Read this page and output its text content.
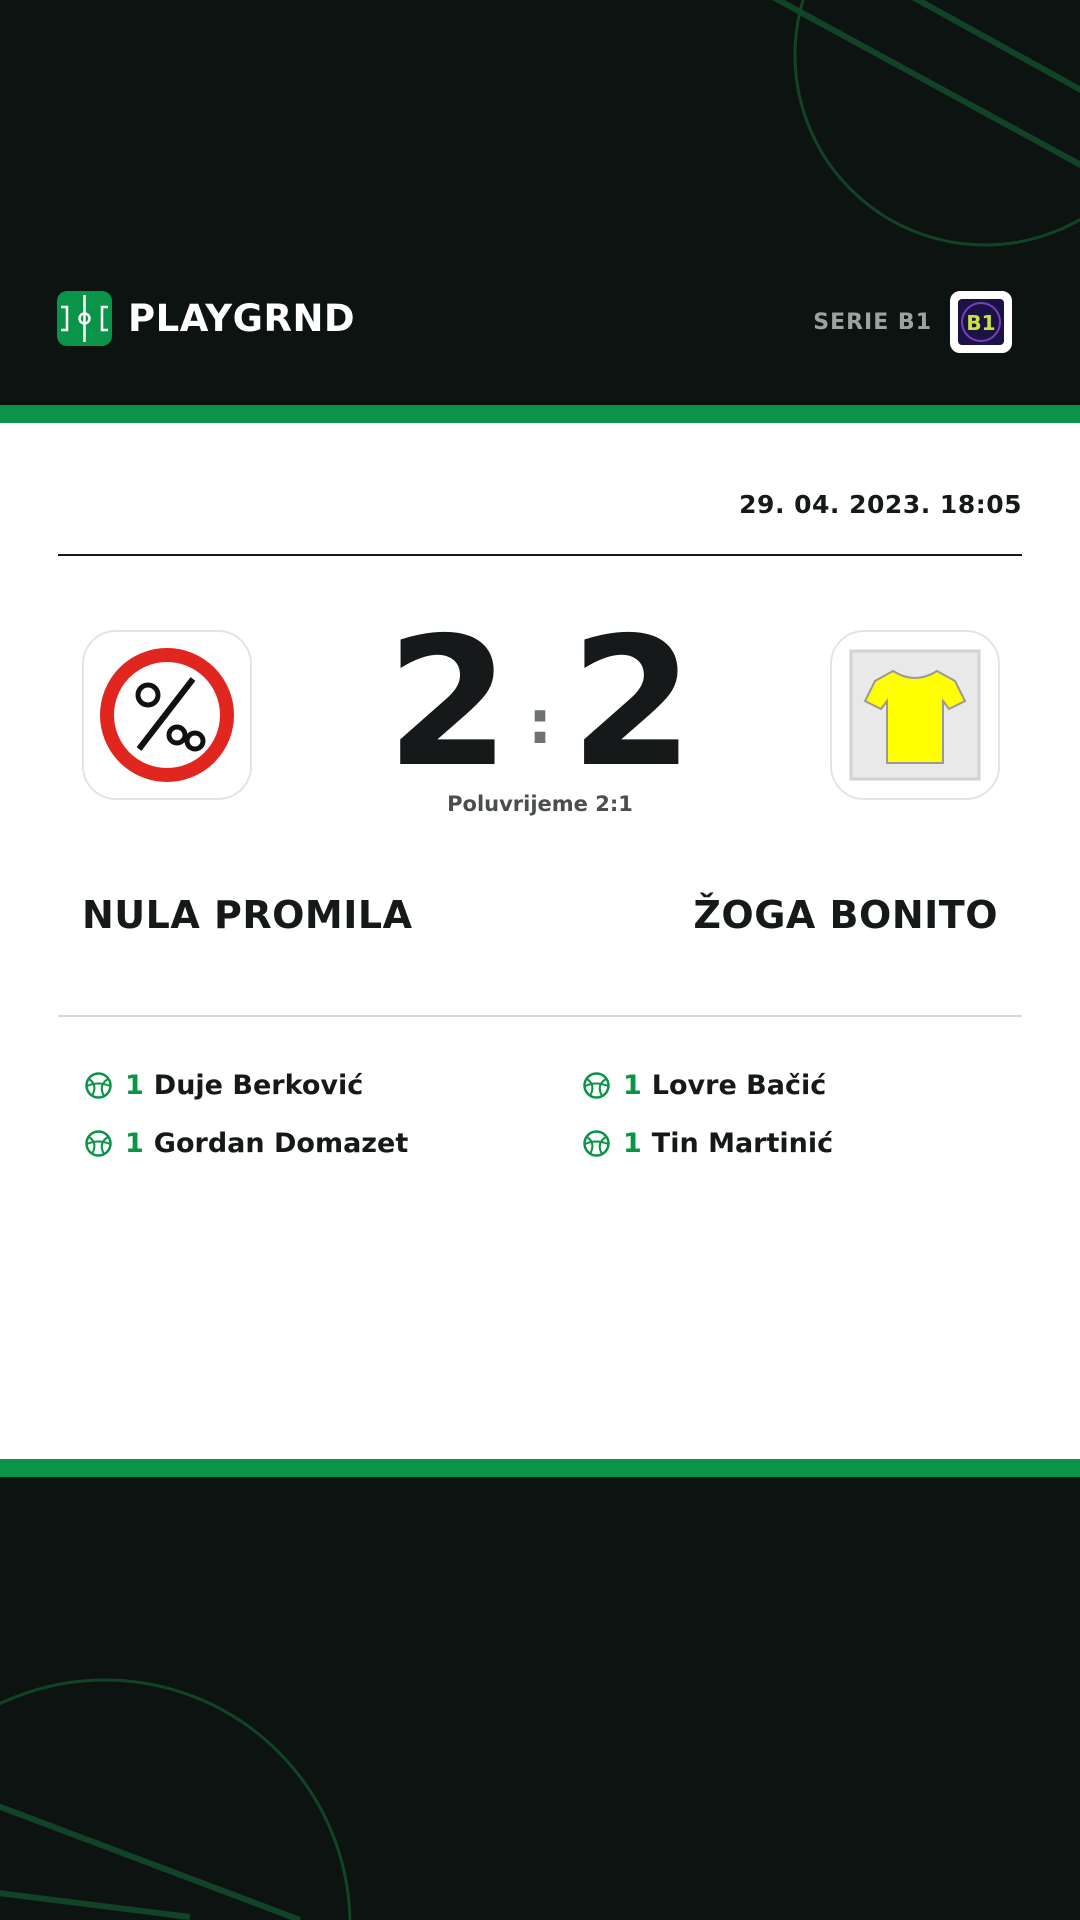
PLAYGRND	SERIE B1 B1
29. 04. 2023. 18:05
2 : 2
Poluvrijeme 2:1
NULA PROMILA	ŽOGA BONITO
1 Duje Berković
1 Gordan Domazet
1 Lovre Bačić
1 Tin Martinić
